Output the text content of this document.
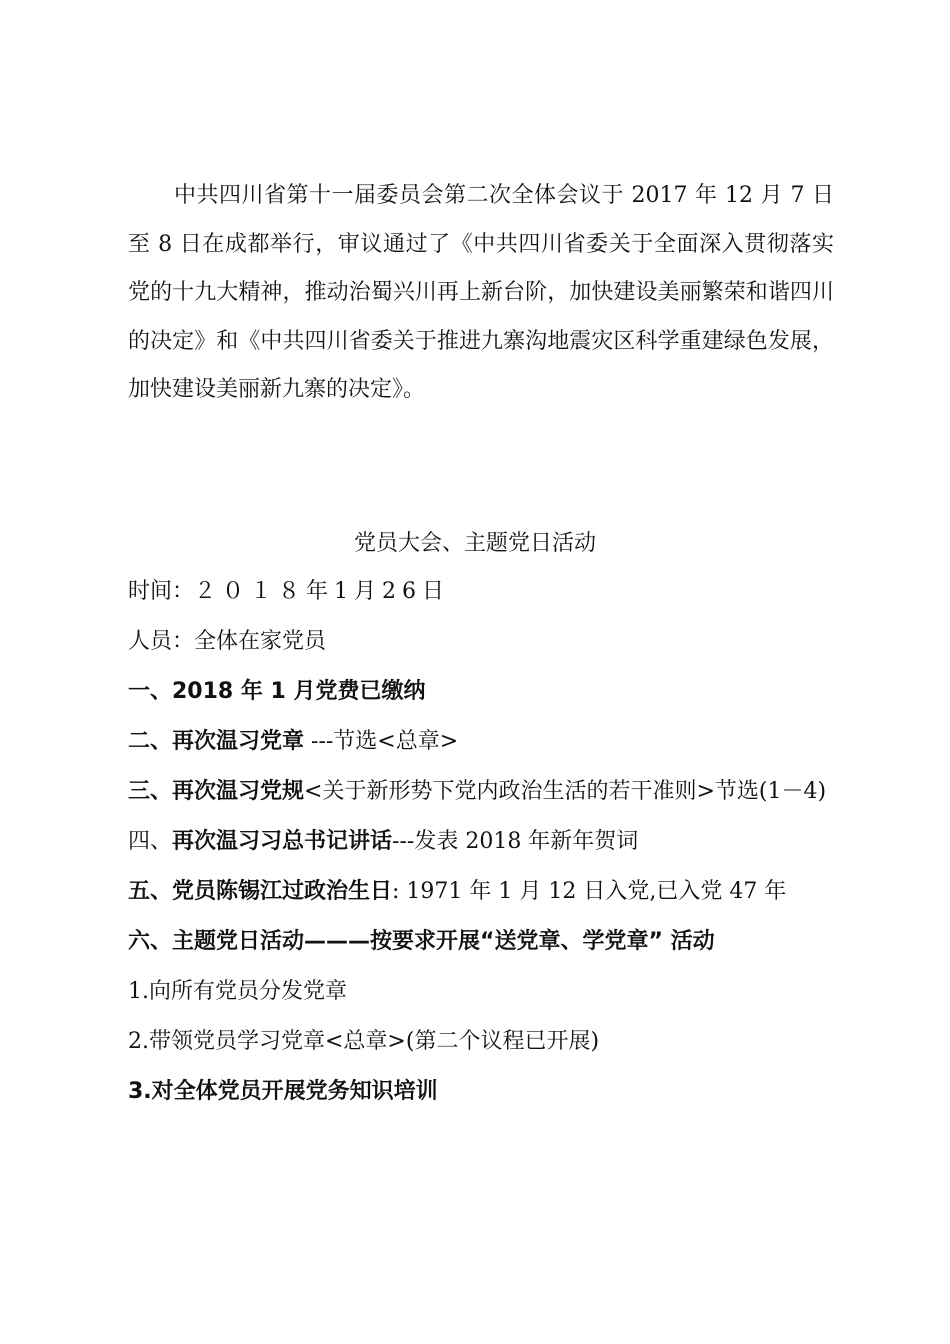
中共四川省第十一届委员会第二次全体会议于 2017 年 12 月 7 日至 8 日在成都举行，审议通过了《中共四川省委关于全面深入贯彻落实党的十九大精神，推动治蜀兴川再上新台阶，加快建设美丽繁荣和谐四川的决定》和《中共四川省委关于推进九寨沟地震灾区科学重建绿色发展，加快建设美丽新九寨的决定》。

党员大会、主题党日活动

时间：２０１８年1月26日
人员：全体在家党员
一、2018 年 1 月党费已缴纳
二、再次温习党章 ---节选<总章>
三、再次温习党规<关于新形势下党内政治生活的若干准则>节选(1－4)
四、再次温习习总书记讲话---发表 2018 年新年贺词
五、党员陈锡江过政治生日: 1971 年 1 月 12 日入党,已入党 47 年
六、主题党日活动———按要求开展“送党章、学党章” 活动
1.向所有党员分发党章
2.带领党员学习党章<总章>(第二个议程已开展)
3.对全体党员开展党务知识培训
